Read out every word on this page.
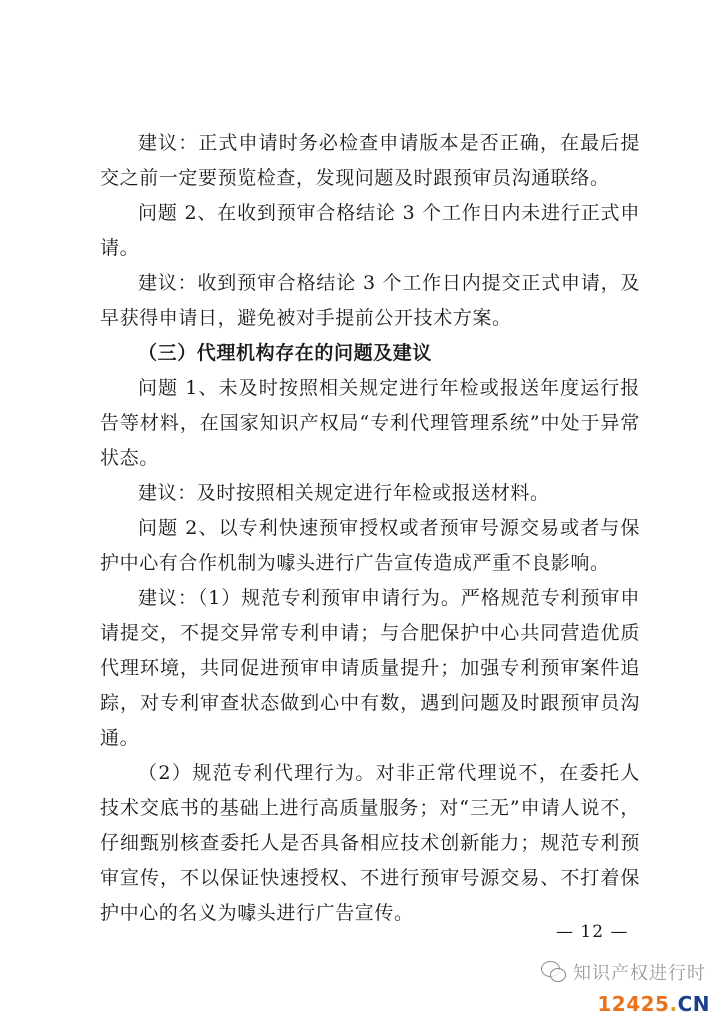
建议：正式申请时务必检查申请版本是否正确，在最后提交之前一定要预览检查，发现问题及时跟预审员沟通联络。

问题 2、在收到预审合格结论 3 个工作日内未进行正式申请。

建议：收到预审合格结论 3 个工作日内提交正式申请，及早获得申请日，避免被对手提前公开技术方案。

（三）代理机构存在的问题及建议

问题 1、未及时按照相关规定进行年检或报送年度运行报告等材料，在国家知识产权局“专利代理管理系统”中处于异常状态。

建议：及时按照相关规定进行年检或报送材料。

问题 2、以专利快速预审授权或者预审号源交易或者与保护中心有合作机制为噱头进行广告宣传造成严重不良影响。

建议：（1）规范专利预审申请行为。严格规范专利预审申请提交，不提交异常专利申请；与合肥保护中心共同营造优质代理环境，共同促进预审申请质量提升；加强专利预审案件追踪，对专利审查状态做到心中有数，遇到问题及时跟预审员沟通。

（2）规范专利代理行为。对非正常代理说不，在委托人技术交底书的基础上进行高质量服务；对“三无”申请人说不，仔细甄别核查委托人是否具备相应技术创新能力；规范专利预审宣传，不以保证快速授权、不进行预审号源交易、不打着保护中心的名义为噱头进行广告宣传。

— 12 —
知识产权进行时
12425.CN
